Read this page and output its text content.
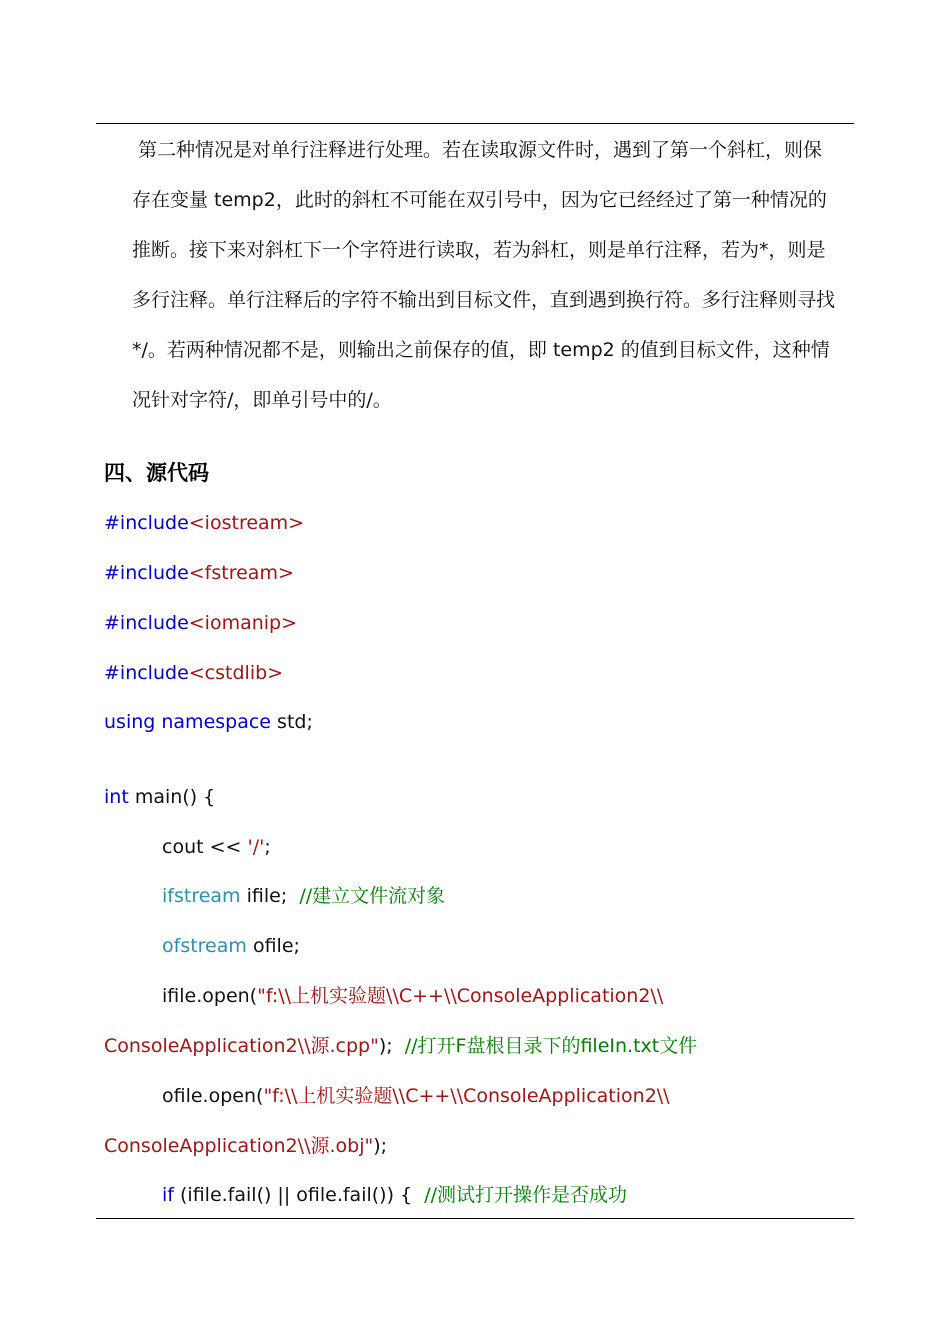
第二种情况是对单行注释进行处理。若在读取源文件时，遇到了第一个斜杠，则保
存在变量 temp2，此时的斜杠不可能在双引号中，因为它已经经过了第一种情况的
推断。接下来对斜杠下一个字符进行读取，若为斜杠，则是单行注释，若为*，则是
多行注释。单行注释后的字符不输出到目标文件，直到遇到换行符。多行注释则寻找
*/。若两种情况都不是，则输出之前保存的值，即 temp2 的值到目标文件，这种情
况针对字符/，即单引号中的/。
四、源代码
#include<iostream>
#include<fstream>
#include<iomanip>
#include<cstdlib>
using namespace std;
int main() {
cout << '/';
ifstream ifile;  //建立文件流对象
ofstream ofile;
ifile.open("f:\\上机实验题\\C++\\ConsoleApplication2\\
ConsoleApplication2\\源.cpp");  //打开F盘根目录下的fileIn.txt文件
ofile.open("f:\\上机实验题\\C++\\ConsoleApplication2\\
ConsoleApplication2\\源.obj");
if (ifile.fail() || ofile.fail()) {  //测试打开操作是否成功
